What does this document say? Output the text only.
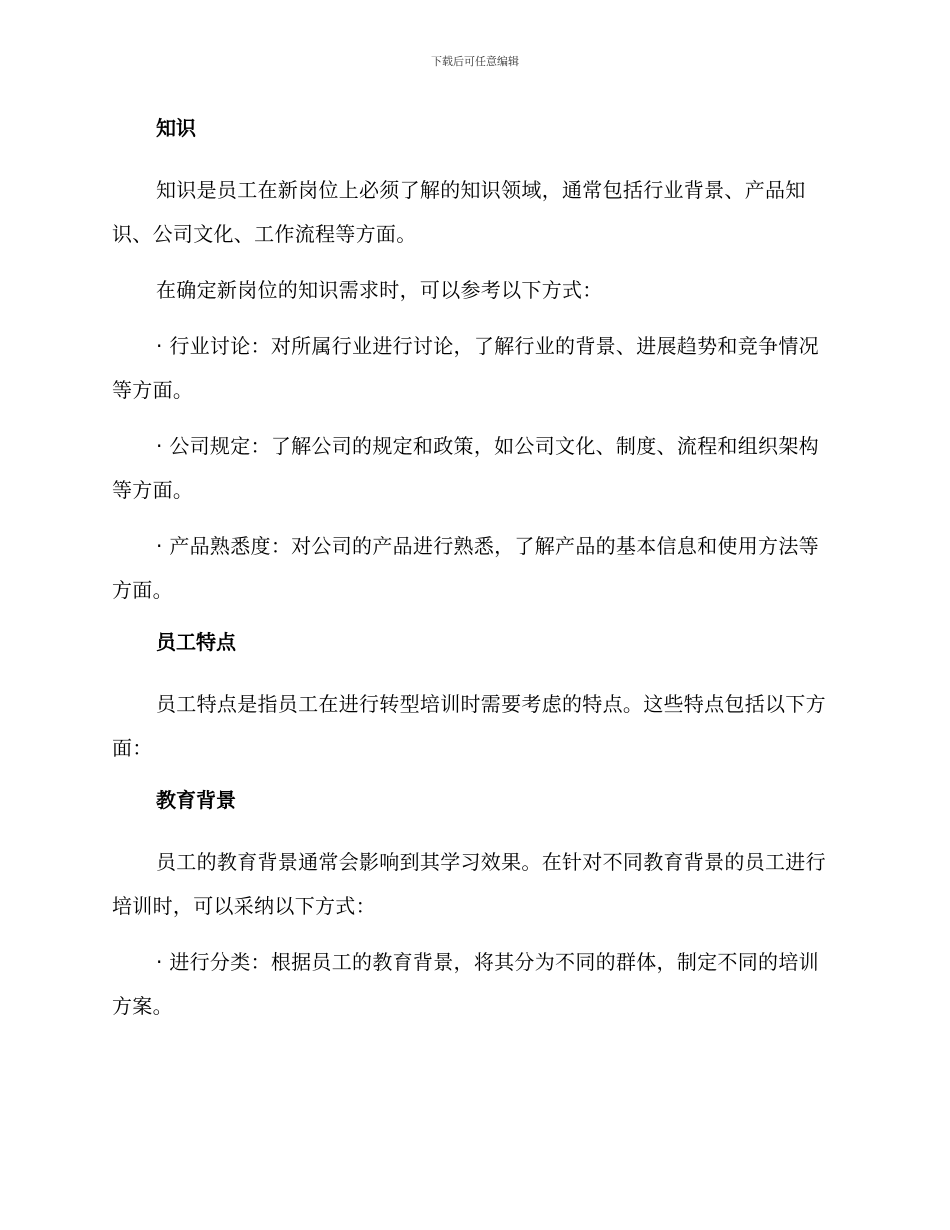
下载后可任意编辑
知识

知识是员工在新岗位上必须了解的知识领域，通常包括行业背景、产品知识、公司文化、工作流程等方面。

在确定新岗位的知识需求时，可以参考以下方式：

· 行业讨论：对所属行业进行讨论，了解行业的背景、进展趋势和竞争情况等方面。

· 公司规定：了解公司的规定和政策，如公司文化、制度、流程和组织架构等方面。

· 产品熟悉度：对公司的产品进行熟悉，了解产品的基本信息和使用方法等方面。

员工特点

员工特点是指员工在进行转型培训时需要考虑的特点。这些特点包括以下方面：

教育背景

员工的教育背景通常会影响到其学习效果。在针对不同教育背景的员工进行培训时，可以采纳以下方式：

· 进行分类：根据员工的教育背景，将其分为不同的群体，制定不同的培训方案。
